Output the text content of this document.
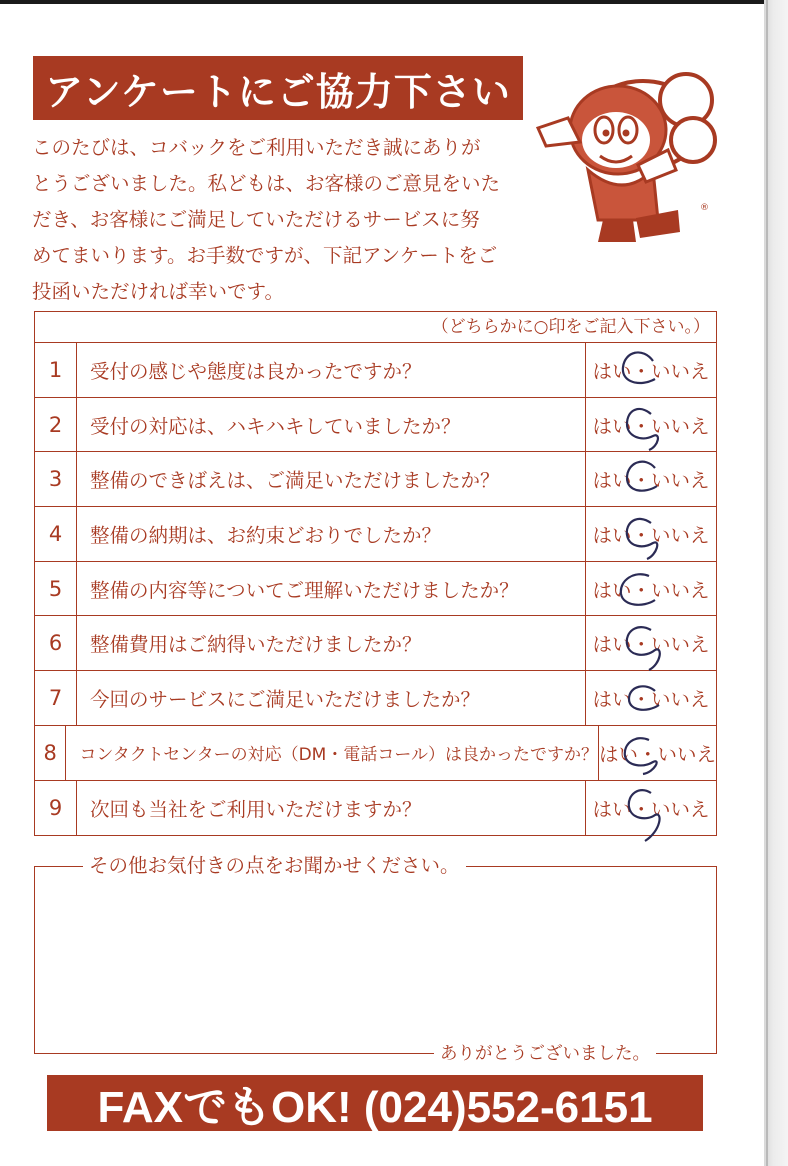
アンケートにご協力下さい

このたびは、コバックをご利用いただき誠にありが

とうございました。私どもは、お客様のご意見をいた

だき、お客様にご満足していただけるサービスに努

めてまいります。お手数ですが、下記アンケートをご

投函いただければ幸いです。

®
（どちらかに○印をご記入下さい。）
1	受付の感じや態度は良かったですか？	はい・いいえ
2	受付の対応は、ハキハキしていましたか？	はい・いいえ
3	整備のできばえは、ご満足いただけましたか？	はい・いいえ
4	整備の納期は、お約束どおりでしたか？	はい・いいえ
5	整備の内容等についてご理解いただけましたか？	はい・いいえ
6	整備費用はご納得いただけましたか？	はい・いいえ
7	今回のサービスにご満足いただけましたか？	はい・いいえ
8	コンタクトセンターの対応（DM・電話コール）は良かったですか？ はい・いいえ
9	次回も当社をご利用いただけますか？	はい・いいえ
その他お気付きの点をお聞かせください。
ありがとうございました。
FAXでもOK! (024)552-6151
